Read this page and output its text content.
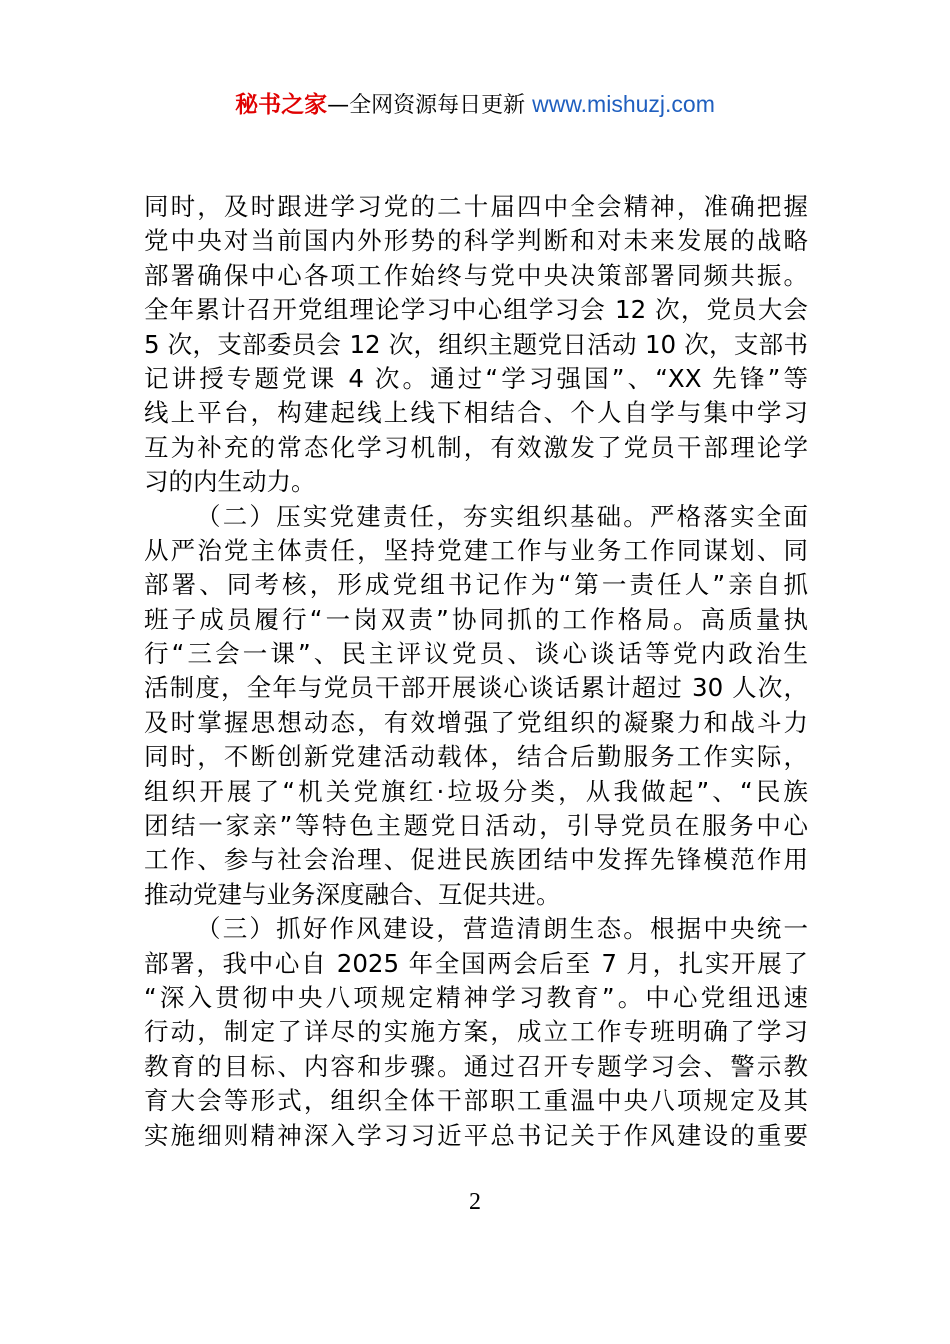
秘书之家—全网资源每日更新 www.mishuzj.com
同时，及时跟进学习党的二十届四中全会精神，准确把握
党中央对当前国内外形势的科学判断和对未来发展的战略
部署确保中心各项工作始终与党中央决策部署同频共振。
全年累计召开党组理论学习中心组学习会 12 次，党员大会
5 次，支部委员会 12 次，组织主题党日活动 10 次，支部书
记讲授专题党课 4 次。通过“学习强国”、“XX 先锋”等
线上平台，构建起线上线下相结合、个人自学与集中学习
互为补充的常态化学习机制，有效激发了党员干部理论学
习的内生动力。
（二）压实党建责任，夯实组织基础。严格落实全面
从严治党主体责任，坚持党建工作与业务工作同谋划、同
部署、同考核，形成党组书记作为“第一责任人”亲自抓
班子成员履行“一岗双责”协同抓的工作格局。高质量执
行“三会一课”、民主评议党员、谈心谈话等党内政治生
活制度，全年与党员干部开展谈心谈话累计超过 30 人次，
及时掌握思想动态，有效增强了党组织的凝聚力和战斗力
同时，不断创新党建活动载体，结合后勤服务工作实际，
组织开展了“机关党旗红·垃圾分类，从我做起”、“民族
团结一家亲”等特色主题党日活动，引导党员在服务中心
工作、参与社会治理、促进民族团结中发挥先锋模范作用
推动党建与业务深度融合、互促共进。
（三）抓好作风建设，营造清朗生态。根据中央统一
部署，我中心自 2025 年全国两会后至 7 月，扎实开展了
“深入贯彻中央八项规定精神学习教育”。中心党组迅速
行动，制定了详尽的实施方案，成立工作专班明确了学习
教育的目标、内容和步骤。通过召开专题学习会、警示教
育大会等形式，组织全体干部职工重温中央八项规定及其
实施细则精神深入学习习近平总书记关于作风建设的重要
2
